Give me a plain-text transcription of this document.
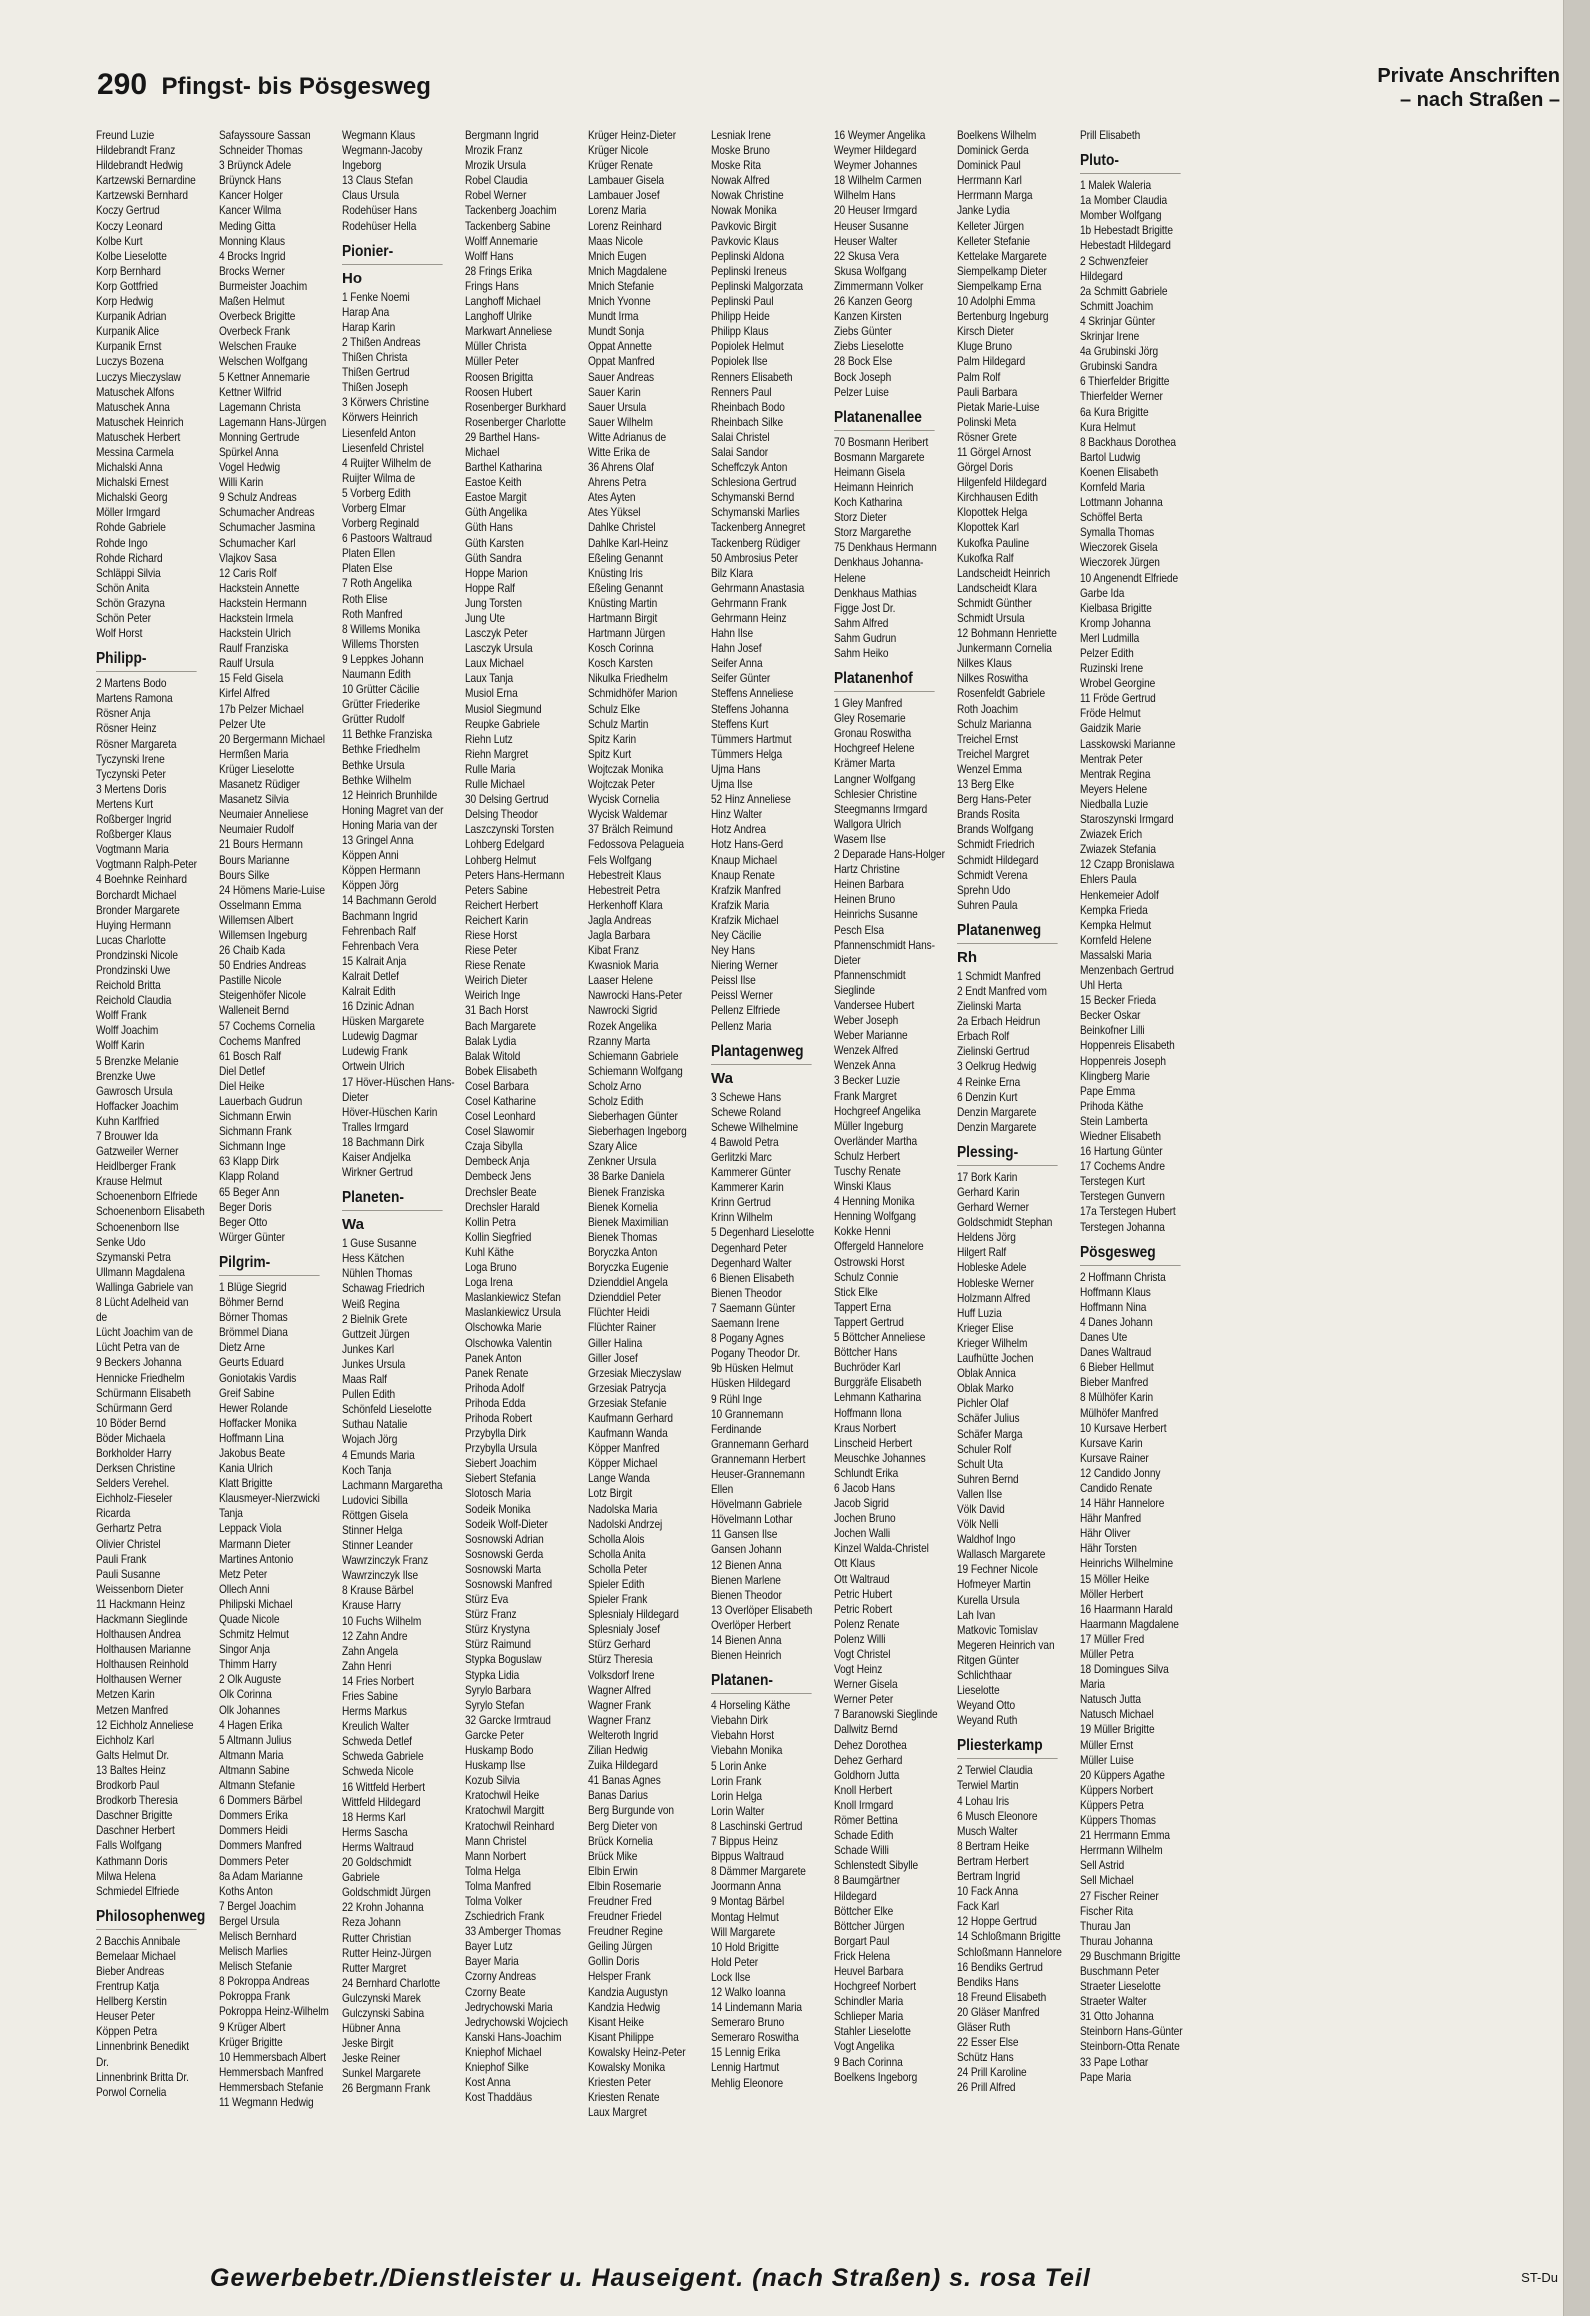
290 Pfingst- bis Pösgesweg	Private Anschriften
– nach Straßen –
Freund Luzie
Hildebrandt Franz
Hildebrandt Hedwig
Kartzewski Bernardine
Kartzewski Bernhard
Koczy Gertrud
Koczy Leonard
Kolbe Kurt
Kolbe Lieselotte
Korp Bernhard
Korp Gottfried
Korp Hedwig
Kurpanik Adrian
Kurpanik Alice
Kurpanik Ernst
Luczys Bozena
Luczys Mieczyslaw
Matuschek Alfons
Matuschek Anna
Matuschek Heinrich
Matuschek Herbert
Messina Carmela
Michalski Anna
Michalski Ernest
Michalski Georg
Möller Irmgard
Rohde Gabriele
Rohde Ingo
Rohde Richard
Schläppi Silvia
Schön Anita
Schön Grazyna
Schön Peter
Wolf Horst
Philipp-
2 Martens Bodo
Martens Ramona
Rösner Anja
Rösner Heinz
Rösner Margareta
Tyczynski Irene
Tyczynski Peter
3 Mertens Doris
Mertens Kurt
Roßberger Ingrid
Roßberger Klaus
Vogtmann Maria
Vogtmann Ralph-Peter
4 Boehnke Reinhard
Borchardt Michael
Bronder Margarete
Huying Hermann
Lucas Charlotte
Prondzinski Nicole
Prondzinski Uwe
Reichold Britta
Reichold Claudia
Wolff Frank
Wolff Joachim
Wolff Karin
5 Brenzke Melanie
Brenzke Uwe
Gawrosch Ursula
Hoffacker Joachim
Kuhn Karlfried
7 Brouwer Ida
Gatzweiler Werner
Heidlberger Frank
Krause Helmut
Schoenenborn Elfriede
Schoenenborn Elisabeth
Schoenenborn Ilse
Senke Udo
Szymanski Petra
Ullmann Magdalena
Wallinga Gabriele van
8 Lücht Adelheid van
de
Lücht Joachim van de
Lücht Petra van de
9 Beckers Johanna
Hennicke Friedhelm
Schürmann Elisabeth
Schürmann Gerd
10 Böder Bernd
Böder Michaela
Borkholder Harry
Derksen Christine
Selders Verehel.
Eichholz-Fieseler
Ricarda
Gerhartz Petra
Olivier Christel
Pauli Frank
Pauli Susanne
Weissenborn Dieter
11 Hackmann Heinz
Hackmann Sieglinde
Holthausen Andrea
Holthausen Marianne
Holthausen Reinhold
Holthausen Werner
Metzen Karin
Metzen Manfred
12 Eichholz Anneliese
Eichholz Karl
Galts Helmut Dr.
13 Baltes Heinz
Brodkorb Paul
Brodkorb Theresia
Daschner Brigitte
Daschner Herbert
Falls Wolfgang
Kathmann Doris
Milwa Helena
Schmiedel Elfriede
Philosophenweg
2 Bacchis Annibale
Bemelaar Michael
Bieber Andreas
Frentrup Katja
Hellberg Kerstin
Heuser Peter
Köppen Petra
Linnenbrink Benedikt
Dr.
Linnenbrink Britta Dr.
Porwol Cornelia
Safayssoure Sassan
Schneider Thomas
3 Brüynck Adele
Brüynck Hans
Kancer Holger
Kancer Wilma
Meding Gitta
Monning Klaus
4 Brocks Ingrid
Brocks Werner
Burmeister Joachim
Maßen Helmut
Overbeck Brigitte
Overbeck Frank
Welschen Frauke
Welschen Wolfgang
5 Kettner Annemarie
Kettner Wilfrid
Lagemann Christa
Lagemann Hans-Jürgen
Monning Gertrude
Spürkel Anna
Vogel Hedwig
Willi Karin
9 Schulz Andreas
Schumacher Andreas
Schumacher Jasmina
Schumacher Karl
Vlajkov Sasa
12 Caris Rolf
Hackstein Annette
Hackstein Hermann
Hackstein Irmela
Hackstein Ulrich
Raulf Franziska
Raulf Ursula
15 Feld Gisela
Kirfel Alfred
17b Pelzer Michael
Pelzer Ute
20 Bergermann Michael
Hermßen Maria
Krüger Lieselotte
Masanetz Rüdiger
Masanetz Silvia
Neumaier Anneliese
Neumaier Rudolf
21 Bours Hermann
Bours Marianne
Bours Silke
24 Hömens Marie-Luise
Osselmann Emma
Willemsen Albert
Willemsen Ingeburg
26 Chaib Kada
50 Endries Andreas
Pastille Nicole
Steigenhöfer Nicole
Walleneit Bernd
57 Cochems Cornelia
Cochems Manfred
61 Bosch Ralf
Diel Detlef
Diel Heike
Lauerbach Gudrun
Sichmann Erwin
Sichmann Frank
Sichmann Inge
63 Klapp Dirk
Klapp Roland
65 Beger Ann
Beger Doris
Beger Otto
Würger Günter
Pilgrim-
1 Blüge Siegrid
Böhmer Bernd
Börner Thomas
Brömmel Diana
Dietz Arne
Geurts Eduard
Goniotakis Vardis
Greif Sabine
Hewer Rolande
Hoffacker Monika
Hoffmann Lina
Jakobus Beate
Kania Ulrich
Klatt Brigitte
Klausmeyer-Nierzwicki
Tanja
Leppack Viola
Marmann Dieter
Martines Antonio
Metz Peter
Ollech Anni
Philipski Michael
Quade Nicole
Schmitz Helmut
Singor Anja
Thimm Harry
2 Olk Auguste
Olk Corinna
Olk Johannes
4 Hagen Erika
5 Altmann Julius
Altmann Maria
Altmann Sabine
Altmann Stefanie
6 Dommers Bärbel
Dommers Erika
Dommers Heidi
Dommers Manfred
Dommers Peter
8a Adam Marianne
Koths Anton
7 Bergel Joachim
Bergel Ursula
Melisch Bernhard
Melisch Marlies
Melisch Stefanie
8 Pokroppa Andreas
Pokroppa Frank
Pokroppa Heinz-Wilhelm
9 Krüger Albert
Krüger Brigitte
10 Hemmersbach Albert
Hemmersbach Manfred
Hemmersbach Stefanie
11 Wegmann Hedwig
Wegmann Klaus
Wegmann-Jacoby
Ingeborg
13 Claus Stefan
Claus Ursula
Rodehüser Hans
Rodehüser Hella
Pionier-
Ho
1 Fenke Noemi
Harap Ana
Harap Karin
2 Thißen Andreas
Thißen Christa
Thißen Gertrud
Thißen Joseph
3 Körwers Christine
Körwers Heinrich
Liesenfeld Anton
Liesenfeld Christel
4 Ruijter Wilhelm de
Ruijter Wilma de
5 Vorberg Edith
Vorberg Elmar
Vorberg Reginald
6 Pastoors Waltraud
Platen Ellen
Platen Else
7 Roth Angelika
Roth Elise
Roth Manfred
8 Willems Monika
Willems Thorsten
9 Leppkes Johann
Naumann Edith
10 Grütter Cäcilie
Grütter Friederike
Grütter Rudolf
11 Bethke Franziska
Bethke Friedhelm
Bethke Ursula
Bethke Wilhelm
12 Heinrich Brunhilde
Honing Magret van der
Honing Maria van der
13 Gringel Anna
Köppen Anni
Köppen Hermann
Köppen Jörg
14 Bachmann Gerold
Bachmann Ingrid
Fehrenbach Ralf
Fehrenbach Vera
15 Kalrait Anja
Kalrait Detlef
Kalrait Edith
16 Dzinic Adnan
Hüsken Margarete
Ludewig Dagmar
Ludewig Frank
Ortwein Ulrich
17 Höver-Hüschen Hans-
Dieter
Höver-Hüschen Karin
Tralles Irmgard
18 Bachmann Dirk
Kaiser Andjelka
Wirkner Gertrud
Planeten-
Wa
1 Guse Susanne
Hess Kätchen
Nühlen Thomas
Schawag Friedrich
Weiß Regina
2 Bielnik Grete
Guttzeit Jürgen
Junkes Karl
Junkes Ursula
Maas Ralf
Pullen Edith
Schönfeld Lieselotte
Suthau Natalie
Wojach Jörg
4 Emunds Maria
Koch Tanja
Lachmann Margaretha
Ludovici Sibilla
Röttgen Gisela
Stinner Helga
Stinner Leander
Wawrzinczyk Franz
Wawrzinczyk Ilse
8 Krause Bärbel
Krause Harry
10 Fuchs Wilhelm
12 Zahn Andre
Zahn Angela
Zahn Henri
14 Fries Norbert
Fries Sabine
Herms Markus
Kreulich Walter
Schweda Detlef
Schweda Gabriele
Schweda Nicole
16 Wittfeld Herbert
Wittfeld Hildegard
18 Herms Karl
Herms Sascha
Herms Waltraud
20 Goldschmidt
Gabriele
Goldschmidt Jürgen
22 Krohn Johanna
Reza Johann
Rutter Christian
Rutter Heinz-Jürgen
Rutter Margret
24 Bernhard Charlotte
Gulczynski Marek
Gulczynski Sabina
Hübner Anna
Jeske Birgit
Jeske Reiner
Sunkel Margarete
26 Bergmann Frank
Bergmann Ingrid
Mrozik Franz
Mrozik Ursula
Robel Claudia
Robel Werner
Tackenberg Joachim
Tackenberg Sabine
Wolff Annemarie
Wolff Hans
28 Frings Erika
Frings Hans
Langhoff Michael
Langhoff Ulrike
Markwart Anneliese
Müller Christa
Müller Peter
Roosen Brigitta
Roosen Hubert
Rosenberger Burkhard
Rosenberger Charlotte
29 Barthel Hans-
Michael
Barthel Katharina
Eastoe Keith
Eastoe Margit
Güth Angelika
Güth Hans
Güth Karsten
Güth Sandra
Hoppe Marion
Hoppe Ralf
Jung Torsten
Jung Ute
Lasczyk Peter
Lasczyk Ursula
Laux Michael
Laux Tanja
Musiol Erna
Musiol Siegmund
Reupke Gabriele
Riehn Lutz
Riehn Margret
Rulle Maria
Rulle Michael
30 Delsing Gertrud
Delsing Theodor
Laszczynski Torsten
Lohberg Edelgard
Lohberg Helmut
Peters Hans-Hermann
Peters Sabine
Reichert Herbert
Reichert Karin
Riese Horst
Riese Peter
Riese Renate
Weirich Dieter
Weirich Inge
31 Bach Horst
Bach Margarete
Balak Lydia
Balak Witold
Bobek Elisabeth
Cosel Barbara
Cosel Katharine
Cosel Leonhard
Cosel Slawomir
Czaja Sibylla
Dembeck Anja
Dembeck Jens
Drechsler Beate
Drechsler Harald
Kollin Petra
Kollin Siegfried
Kuhl Käthe
Loga Bruno
Loga Irena
Maslankiewicz Stefan
Maslankiewicz Ursula
Olschowka Marie
Olschowka Valentin
Panek Anton
Panek Renate
Prihoda Adolf
Prihoda Edda
Prihoda Robert
Przybylla Dirk
Przybylla Ursula
Siebert Joachim
Siebert Stefania
Slotosch Maria
Sodeik Monika
Sodeik Wolf-Dieter
Sosnowski Adrian
Sosnowski Gerda
Sosnowski Marta
Sosnowski Manfred
Stürz Eva
Stürz Franz
Stürz Krystyna
Stürz Raimund
Stypka Boguslaw
Stypka Lidia
Syrylo Barbara
Syrylo Stefan
32 Garcke Irmtraud
Garcke Peter
Huskamp Bodo
Huskamp Ilse
Kozub Silvia
Kratochwil Heike
Kratochwil Margitt
Kratochwil Reinhard
Mann Christel
Mann Norbert
Tolma Helga
Tolma Manfred
Tolma Volker
Zschiedrich Frank
33 Amberger Thomas
Bayer Lutz
Bayer Maria
Czorny Andreas
Czorny Beate
Jedrychowski Maria
Jedrychowski Wojciech
Kanski Hans-Joachim
Kniephof Michael
Kniephof Silke
Kost Anna
Kost Thaddäus
Krüger Heinz-Dieter
Krüger Nicole
Krüger Renate
Lambauer Gisela
Lambauer Josef
Lorenz Maria
Lorenz Reinhard
Maas Nicole
Mnich Eugen
Mnich Magdalene
Mnich Stefanie
Mnich Yvonne
Mundt Irma
Mundt Sonja
Oppat Annette
Oppat Manfred
Sauer Andreas
Sauer Karin
Sauer Ursula
Sauer Wilhelm
Witte Adrianus de
Witte Erika de
36 Ahrens Olaf
Ahrens Petra
Ates Ayten
Ates Yüksel
Dahlke Christel
Dahlke Karl-Heinz
Eßeling Genannt
Knüsting Iris
Eßeling Genannt
Knüsting Martin
Hartmann Birgit
Hartmann Jürgen
Kosch Corinna
Kosch Karsten
Nikulka Friedhelm
Schmidhöfer Marion
Schulz Elke
Schulz Martin
Spitz Karin
Spitz Kurt
Wojtczak Monika
Wojtczak Peter
Wycisk Cornelia
Wycisk Waldemar
37 Brälch Reimund
Fedossova Pelagueia
Fels Wolfgang
Hebestreit Klaus
Hebestreit Petra
Herkenhoff Klara
Jagla Andreas
Jagla Barbara
Kibat Franz
Kwasniok Maria
Laaser Helene
Nawrocki Hans-Peter
Nawrocki Sigrid
Rozek Angelika
Rzanny Marta
Schiemann Gabriele
Schiemann Wolfgang
Scholz Arno
Scholz Edith
Sieberhagen Günter
Sieberhagen Ingeborg
Szary Alice
Zenkner Ursula
38 Barke Daniela
Bienek Franziska
Bienek Kornelia
Bienek Maximilian
Bienek Thomas
Boryczka Anton
Boryczka Eugenie
Dzienddiel Angela
Dzienddiel Peter
Flüchter Heidi
Flüchter Rainer
Giller Halina
Giller Josef
Grzesiak Mieczyslaw
Grzesiak Patrycja
Grzesiak Stefanie
Kaufmann Gerhard
Kaufmann Wanda
Köpper Manfred
Köpper Michael
Lange Wanda
Lotz Birgit
Nadolska Maria
Nadolski Andrzej
Scholla Alois
Scholla Anita
Scholla Peter
Spieler Edith
Spieler Frank
Splesnialy Hildegard
Splesnialy Josef
Stürz Gerhard
Stürz Theresia
Volksdorf Irene
Wagner Alfred
Wagner Frank
Wagner Franz
Welteroth Ingrid
Zilian Hedwig
Zuika Hildegard
41 Banas Agnes
Banas Darius
Berg Burgunde von
Berg Dieter von
Brück Kornelia
Brück Mike
Elbin Erwin
Elbin Rosemarie
Freudner Fred
Freudner Friedel
Freudner Regine
Geiling Jürgen
Gollin Doris
Helsper Frank
Kandzia Augustyn
Kandzia Hedwig
Kisant Heike
Kisant Philippe
Kowalsky Heinz-Peter
Kowalsky Monika
Kriesten Peter
Kriesten Renate
Laux Margret
Lesniak Irene
Moske Bruno
Moske Rita
Nowak Alfred
Nowak Christine
Nowak Monika
Pavkovic Birgit
Pavkovic Klaus
Peplinski Aldona
Peplinski Ireneus
Peplinski Malgorzata
Peplinski Paul
Philipp Heide
Philipp Klaus
Popiolek Helmut
Popiolek Ilse
Renners Elisabeth
Renners Paul
Rheinbach Bodo
Rheinbach Silke
Salai Christel
Salai Sandor
Scheffczyk Anton
Schlesiona Gertrud
Schymanski Bernd
Schymanski Marlies
Tackenberg Annegret
Tackenberg Rüdiger
50 Ambrosius Peter
Bilz Klara
Gehrmann Anastasia
Gehrmann Frank
Gehrmann Heinz
Hahn Ilse
Hahn Josef
Seifer Anna
Seifer Günter
Steffens Anneliese
Steffens Johanna
Steffens Kurt
Tümmers Hartmut
Tümmers Helga
Ujma Hans
Ujma Ilse
52 Hinz Anneliese
Hinz Walter
Hotz Andrea
Hotz Hans-Gerd
Knaup Michael
Knaup Renate
Krafzik Manfred
Krafzik Maria
Krafzik Michael
Ney Cäcilie
Ney Hans
Niering Werner
Peissl Ilse
Peissl Werner
Pellenz Elfriede
Pellenz Maria
Plantagenweg
Wa
3 Schewe Hans
Schewe Roland
Schewe Wilhelmine
4 Bawold Petra
Gerlitzki Marc
Kammerer Günter
Kammerer Karin
Krinn Gertrud
Krinn Wilhelm
5 Degenhard Lieselotte
Degenhard Peter
Degenhard Walter
6 Bienen Elisabeth
Bienen Theodor
7 Saemann Günter
Saemann Irene
8 Pogany Agnes
Pogany Theodor Dr.
9b Hüsken Helmut
Hüsken Hildegard
9 Rühl Inge
10 Grannemann
Ferdinande
Grannemann Gerhard
Grannemann Herbert
Heuser-Grannemann
Ellen
Hövelmann Gabriele
Hövelmann Lothar
11 Gansen Ilse
Gansen Johann
12 Bienen Anna
Bienen Marlene
Bienen Theodor
13 Overlöper Elisabeth
Overlöper Herbert
14 Bienen Anna
Bienen Heinrich
Platanen-
4 Horseling Käthe
Viebahn Dirk
Viebahn Horst
Viebahn Monika
5 Lorin Anke
Lorin Frank
Lorin Helga
Lorin Walter
8 Laschinski Gertrud
7 Bippus Heinz
Bippus Waltraud
8 Dämmer Margarete
Joormann Anna
9 Montag Bärbel
Montag Helmut
Will Margarete
10 Hold Brigitte
Hold Peter
Lock Ilse
12 Walko Ioanna
14 Lindemann Maria
Semeraro Bruno
Semeraro Roswitha
15 Lennig Erika
Lennig Hartmut
Mehlig Eleonore
16 Weymer Angelika
Weymer Hildegard
Weymer Johannes
18 Wilhelm Carmen
Wilhelm Hans
20 Heuser Irmgard
Heuser Susanne
Heuser Walter
22 Skusa Vera
Skusa Wolfgang
Zimmermann Volker
26 Kanzen Georg
Kanzen Kirsten
Ziebs Günter
Ziebs Lieselotte
28 Bock Else
Bock Joseph
Pelzer Luise
Platanenallee
70 Bosmann Heribert
Bosmann Margarete
Heimann Gisela
Heimann Heinrich
Koch Katharina
Storz Dieter
Storz Margarethe
75 Denkhaus Hermann
Denkhaus Johanna-
Helene
Denkhaus Mathias
Figge Jost Dr.
Sahm Alfred
Sahm Gudrun
Sahm Heiko
Platanenhof
1 Gley Manfred
Gley Rosemarie
Gronau Roswitha
Hochgreef Helene
Krämer Marta
Langner Wolfgang
Schlesier Christine
Steegmanns Irmgard
Wallgora Ulrich
Wasem Ilse
2 Deparade Hans-Holger
Hartz Christine
Heinen Barbara
Heinen Bruno
Heinrichs Susanne
Pesch Elsa
Pfannenschmidt Hans-
Dieter
Pfannenschmidt
Sieglinde
Vandersee Hubert
Weber Joseph
Weber Marianne
Wenzek Alfred
Wenzek Anna
3 Becker Luzie
Frank Margret
Hochgreef Angelika
Müller Ingeburg
Overländer Martha
Schulz Herbert
Tuschy Renate
Winski Klaus
4 Henning Monika
Henning Wolfgang
Kokke Henni
Offergeld Hannelore
Ostrowski Horst
Schulz Connie
Stick Elke
Tappert Erna
Tappert Gertrud
5 Böttcher Anneliese
Böttcher Hans
Buchröder Karl
Burggräfe Elisabeth
Lehmann Katharina
Hoffmann Ilona
Kraus Norbert
Linscheid Herbert
Meuschke Johannes
Schlundt Erika
6 Jacob Hans
Jacob Sigrid
Jochen Bruno
Jochen Walli
Kinzel Walda-Christel
Ott Klaus
Ott Waltraud
Petric Hubert
Petric Robert
Polenz Renate
Polenz Willi
Vogt Christel
Vogt Heinz
Werner Gisela
Werner Peter
7 Baranowski Sieglinde
Dallwitz Bernd
Dehez Dorothea
Dehez Gerhard
Goldhorn Jutta
Knoll Herbert
Knoll Irmgard
Römer Bettina
Schade Edith
Schade Willi
Schlenstedt Sibylle
8 Baumgärtner
Hildegard
Böttcher Elke
Böttcher Jürgen
Borgart Paul
Frick Helena
Heuvel Barbara
Hochgreef Norbert
Schindler Maria
Schlieper Maria
Stahler Lieselotte
Vogt Angelika
9 Bach Corinna
Boelkens Ingeborg
Boelkens Wilhelm
Dominick Gerda
Dominick Paul
Herrmann Karl
Herrmann Marga
Janke Lydia
Kelleter Jürgen
Kelleter Stefanie
Kettelake Margarete
Siempelkamp Dieter
Siempelkamp Erna
10 Adolphi Emma
Bertenburg Ingeburg
Kirsch Dieter
Kluge Bruno
Palm Hildegard
Palm Rolf
Pauli Barbara
Pietak Marie-Luise
Polinski Meta
Rösner Grete
11 Görgel Arnost
Görgel Doris
Hilgenfeld Hildegard
Kirchhausen Edith
Klopottek Helga
Klopottek Karl
Kukofka Pauline
Kukofka Ralf
Landscheidt Heinrich
Landscheidt Klara
Schmidt Günther
Schmidt Ursula
12 Bohmann Henriette
Junkermann Cornelia
Nilkes Klaus
Nilkes Roswitha
Rosenfeldt Gabriele
Roth Joachim
Schulz Marianna
Treichel Ernst
Treichel Margret
Wenzel Emma
13 Berg Elke
Berg Hans-Peter
Brands Rosita
Brands Wolfgang
Schmidt Friedrich
Schmidt Hildegard
Schmidt Verena
Sprehn Udo
Suhren Paula
Platanenweg
Rh
1 Schmidt Manfred
2 Endt Manfred vom
Zielinski Marta
2a Erbach Heidrun
Erbach Rolf
Zielinski Gertrud
3 Oelkrug Hedwig
4 Reinke Erna
6 Denzin Kurt
Denzin Margarete
Denzin Margarete
Plessing-
17 Bork Karin
Gerhard Karin
Gerhard Werner
Goldschmidt Stephan
Heldens Jörg
Hilgert Ralf
Hobleske Adele
Hobleske Werner
Holzmann Alfred
Huff Luzia
Krieger Elise
Krieger Wilhelm
Laufhütte Jochen
Oblak Annica
Oblak Marko
Pichler Olaf
Schäfer Julius
Schäfer Marga
Schuler Rolf
Schult Uta
Suhren Bernd
Vallen Ilse
Völk David
Völk Nelli
Waldhof Ingo
Wallasch Margarete
19 Fechner Nicole
Hofmeyer Martin
Kurella Ursula
Lah Ivan
Matkovic Tomislav
Megeren Heinrich van
Ritgen Günter
Schlichthaar
Lieselotte
Weyand Otto
Weyand Ruth
Pliesterkamp
2 Terwiel Claudia
Terwiel Martin
4 Lohau Iris
6 Musch Eleonore
Musch Walter
8 Bertram Heike
Bertram Herbert
Bertram Ingrid
10 Fack Anna
Fack Karl
12 Hoppe Gertrud
14 Schloßmann Brigitte
Schloßmann Hannelore
16 Bendiks Gertrud
Bendiks Hans
18 Freund Elisabeth
20 Gläser Manfred
Gläser Ruth
22 Esser Else
Schütz Hans
24 Prill Karoline
26 Prill Alfred
Prill Elisabeth
Pluto-
1 Malek Waleria
1a Momber Claudia
Momber Wolfgang
1b Hebestadt Brigitte
Hebestadt Hildegard
2 Schwenzfeier
Hildegard
2a Schmitt Gabriele
Schmitt Joachim
4 Skrinjar Günter
Skrinjar Irene
4a Grubinski Jörg
Grubinski Sandra
6 Thierfelder Brigitte
Thierfelder Werner
6a Kura Brigitte
Kura Helmut
8 Backhaus Dorothea
Bartol Ludwig
Koenen Elisabeth
Kornfeld Maria
Lottmann Johanna
Schöffel Berta
Symalla Thomas
Wieczorek Gisela
Wieczorek Jürgen
10 Angenendt Elfriede
Garbe Ida
Kielbasa Brigitte
Kromp Johanna
Merl Ludmilla
Pelzer Edith
Ruzinski Irene
Wrobel Georgine
11 Fröde Gertrud
Fröde Helmut
Gaidzik Marie
Lasskowski Marianne
Mentrak Peter
Mentrak Regina
Meyers Helene
Niedballa Luzie
Staroszynski Irmgard
Zwiazek Erich
Zwiazek Stefania
12 Czapp Bronislawa
Ehlers Paula
Henkemeier Adolf
Kempka Frieda
Kempka Helmut
Kornfeld Helene
Massalski Maria
Menzenbach Gertrud
Uhl Herta
15 Becker Frieda
Becker Oskar
Beinkofner Lilli
Hoppenreis Elisabeth
Hoppenreis Joseph
Klingberg Marie
Pape Emma
Prihoda Käthe
Stein Lamberta
Wiedner Elisabeth
16 Hartung Günter
17 Cochems Andre
Terstegen Kurt
Terstegen Gunvern
17a Terstegen Hubert
Terstegen Johanna
Pösgesweg
2 Hoffmann Christa
Hoffmann Klaus
Hoffmann Nina
4 Danes Johann
Danes Ute
Danes Waltraud
6 Bieber Hellmut
Bieber Manfred
8 Mülhöfer Karin
Mülhöfer Manfred
10 Kursave Herbert
Kursave Karin
Kursave Rainer
12 Candido Jonny
Candido Renate
14 Hähr Hannelore
Hähr Manfred
Hähr Oliver
Hähr Torsten
Heinrichs Wilhelmine
15 Möller Heike
Möller Herbert
16 Haarmann Harald
Haarmann Magdalene
17 Müller Fred
Müller Petra
18 Domingues Silva
Maria
Natusch Jutta
Natusch Michael
19 Müller Brigitte
Müller Ernst
Müller Luise
20 Küppers Agathe
Küppers Norbert
Küppers Petra
Küppers Thomas
21 Herrmann Emma
Herrmann Wilhelm
Sell Astrid
Sell Michael
27 Fischer Reiner
Fischer Rita
Thurau Jan
Thurau Johanna
29 Buschmann Brigitte
Buschmann Peter
Straeter Lieselotte
Straeter Walter
31 Otto Johanna
Steinborn Hans-Günter
Steinborn-Otta Renate
33 Pape Lothar
Pape Maria
Gewerbebetr./Dienstleister u. Hauseigent. (nach Straßen) s. rosa Teil	ST-Du
